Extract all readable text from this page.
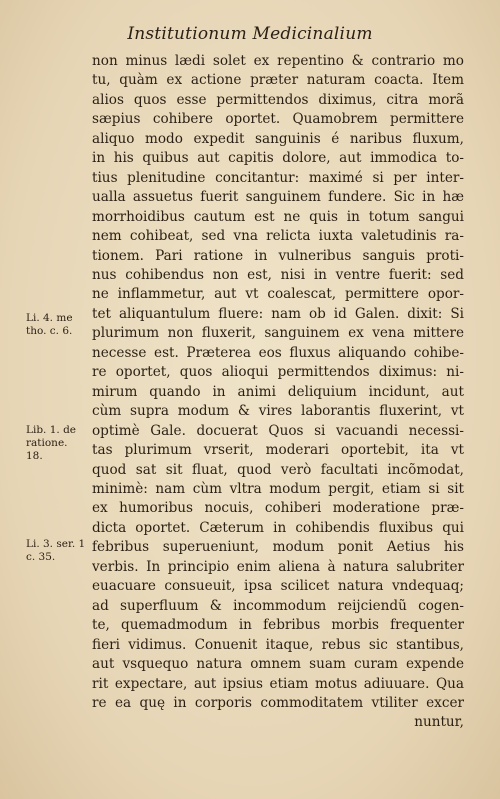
Institutionum Medicinalium
non minus lædi solet ex repentino & contrario mo
tu, quàm ex actione præter naturam coacta. Item
alios quos esse permittendos diximus, citra morã
sæpius cohibere oportet. Quamobrem permittere
aliquo modo expedit sanguinis é naribus fluxum,
in his quibus aut capitis dolore, aut immodica to-
tius plenitudine concitantur: maximé si per inter-
ualla assuetus fuerit sanguinem fundere. Sic in hæ
morrhoidibus cautum est ne quis in totum sangui
nem cohibeat, sed vna relicta iuxta valetudinis ra-
tionem. Pari ratione in vulneribus sanguis proti-
nus cohibendus non est, nisi in ventre fuerit: sed
ne inflammetur, aut vt coalescat, permittere opor-
tet aliquantulum fluere: nam ob id Galen. dixit: Si
plurimum non fluxerit, sanguinem ex vena mittere
necesse est. Præterea eos fluxus aliquando cohibe-
re oportet, quos alioqui permittendos diximus: ni-
mirum quando in animi deliquium incidunt, aut
cùm supra modum & vires laborantis fluxerint, vt
optimè Gale. docuerat Quos si vacuandi necessi-
tas plurimum vrserit, moderari oportebit, ita vt
quod sat sit fluat, quod verò facultati incõmodat,
minimè: nam cùm vltra modum pergit, etiam si sit
ex humoribus nocuis, cohiberi moderatione præ-
dicta oportet. Cæterum in cohibendis fluxibus qui
febribus superueniunt, modum ponit Aetius his
verbis. In principio enim aliena à natura salubriter
euacuare consueuit, ipsa scilicet natura vndequaq;
ad superfluum & incommodum reijciendũ cogen-
te, quemadmodum in febribus morbis frequenter
fieri vidimus. Conuenit itaque, rebus sic stantibus,
aut vsquequo natura omnem suam curam expende
rit expectare, aut ipsius etiam motus adiuuare. Qua
re ea quę in corporis commoditatem vtiliter excer
nuntur,
Li. 4. me
tho. c. 6.
Lib. 1. de
ratione.
18.
Li. 3. ser. 1
c. 35.
